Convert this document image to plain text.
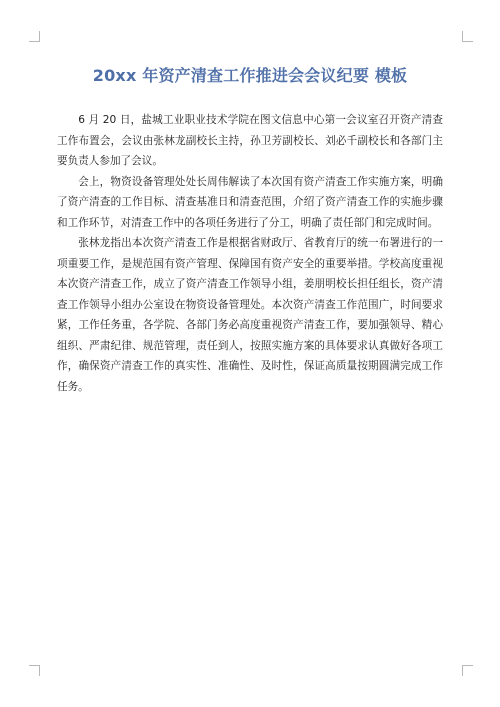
20xx 年资产清查工作推进会会议纪要 模板

6 月 20 日，盐城工业职业技术学院在图文信息中心第一会议室召开资产清查工作布置会，会议由张林龙副校长主持，孙卫芳副校长、刘必千副校长和各部门主要负责人参加了会议。

会上，物资设备管理处处长周伟解读了本次国有资产清查工作实施方案，明确了资产清查的工作目标、清查基准日和清查范围，介绍了资产清查工作的实施步骤和工作环节，对清查工作中的各项任务进行了分工，明确了责任部门和完成时间。

张林龙指出本次资产清查工作是根据省财政厅、省教育厅的统一布署进行的一项重要工作，是规范国有资产管理、保障国有资产安全的重要举措。学校高度重视本次资产清查工作，成立了资产清查工作领导小组，姜朋明校长担任组长，资产清查工作领导小组办公室设在物资设备管理处。本次资产清查工作范围广，时间要求紧，工作任务重，各学院、各部门务必高度重视资产清查工作，要加强领导、精心组织、严肃纪律、规范管理，责任到人，按照实施方案的具体要求认真做好各项工作，确保资产清查工作的真实性、准确性、及时性，保证高质量按期圆满完成工作任务。
